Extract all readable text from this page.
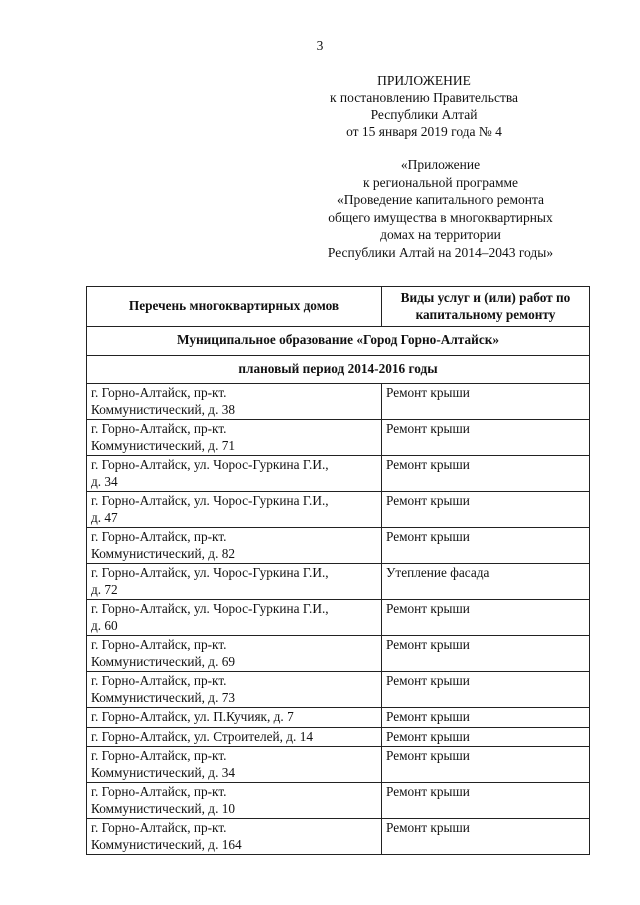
3
ПРИЛОЖЕНИЕ
к постановлению Правительства
Республики Алтай
от 15 января 2019 года № 4
«Приложение
к региональной программе
«Проведение капитального ремонта
общего имущества в многоквартирных
домах на территории
Республики Алтай на 2014–2043 годы»
Перечень многоквартирных домов	Виды услуг и (или) работ по
капитальному ремонту

Муниципальное образование «Город Горно-Алтайск»	
плановый период 2014-2016 годы	

г. Горно-Алтайск, пр-кт.
Коммунистический, д. 38	Ремонт крыши

г. Горно-Алтайск, пр-кт.
Коммунистический, д. 71	Ремонт крыши

г. Горно-Алтайск, ул. Чорос-Гуркина Г.И.,
д. 34	Ремонт крыши

г. Горно-Алтайск, ул. Чорос-Гуркина Г.И.,
д. 47	Ремонт крыши

г. Горно-Алтайск, пр-кт.
Коммунистический, д. 82	Ремонт крыши

г. Горно-Алтайск, ул. Чорос-Гуркина Г.И.,
д. 72	Утепление фасада

г. Горно-Алтайск, ул. Чорос-Гуркина Г.И.,
д. 60	Ремонт крыши

г. Горно-Алтайск, пр-кт.
Коммунистический, д. 69	Ремонт крыши

г. Горно-Алтайск, пр-кт.
Коммунистический, д. 73	Ремонт крыши

г. Горно-Алтайск, ул. П.Кучияк, д. 7	Ремонт крыши

г. Горно-Алтайск, ул. Строителей, д. 14	Ремонт крыши

г. Горно-Алтайск, пр-кт.
Коммунистический, д. 34	Ремонт крыши

г. Горно-Алтайск, пр-кт.
Коммунистический, д. 10	Ремонт крыши

г. Горно-Алтайск, пр-кт.
Коммунистический, д. 164	Ремонт крыши
